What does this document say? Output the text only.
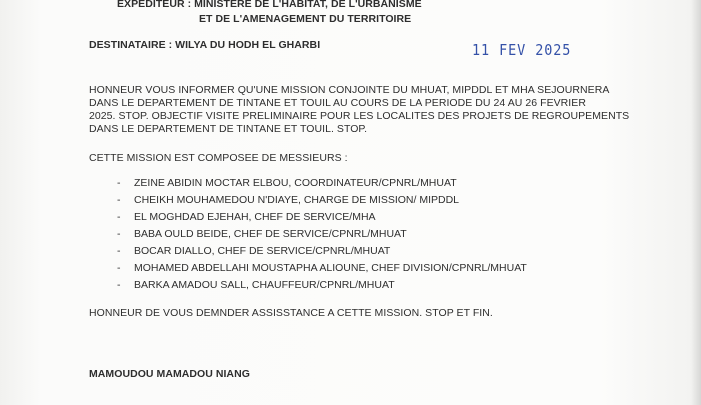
EXPEDITEUR : MINISTERE DE L'HABITAT, DE L'URBANISME
ET DE L'AMENAGEMENT DU TERRITOIRE
DESTINATAIRE : WILYA DU HODH EL GHARBI	11 FEV 2025
HONNEUR VOUS INFORMER QU'UNE MISSION CONJOINTE DU MHUAT, MIPDDL ET MHA SEJOURNERA
DANS LE DEPARTEMENT DE TINTANE ET TOUIL AU COURS DE LA PERIODE DU 24 AU 26 FEVRIER
2025. STOP. OBJECTIF VISITE PRELIMINAIRE POUR LES LOCALITES DES PROJETS DE REGROUPEMENTS
DANS LE DEPARTEMENT DE TINTANE ET TOUIL. STOP.
CETTE MISSION EST COMPOSEE DE MESSIEURS :
- ZEINE ABIDIN MOCTAR ELBOU, COORDINATEUR/CPNRL/MHUAT
- CHEIKH MOUHAMEDOU N'DIAYE, CHARGE DE MISSION/ MIPDDL
- EL MOGHDAD EJEHAH, CHEF DE SERVICE/MHA
- BABA OULD BEIDE, CHEF DE SERVICE/CPNRL/MHUAT
- BOCAR DIALLO, CHEF DE SERVICE/CPNRL/MHUAT
- MOHAMED ABDELLAHI MOUSTAPHA ALIOUNE, CHEF DIVISION/CPNRL/MHUAT
- BARKA AMADOU SALL, CHAUFFEUR/CPNRL/MHUAT
HONNEUR DE VOUS DEMNDER ASSISSTANCE A CETTE MISSION. STOP ET FIN.
MAMOUDOU MAMADOU NIANG
